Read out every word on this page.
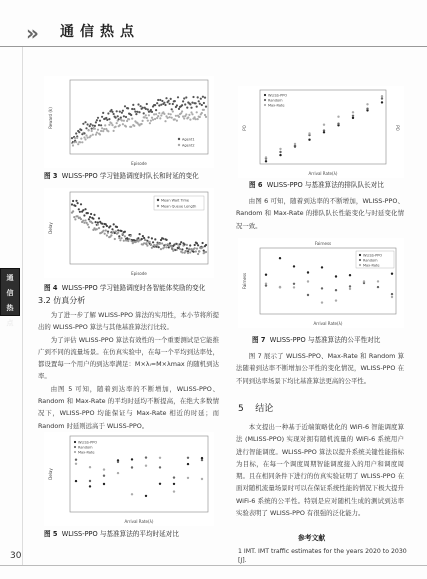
» 通信热点
通
信
热
点
Episode
Reward (k)
Agent1
Agent2
图 3 WLISS-PPO 学习链路调度时队长和时延的变化
Episode
Delay
Mean Wait Time
Mean Queue Length
图 4 WLISS-PPO 学习链路调度时各智能体奖励的变化
3.2 仿真分析

为了进一步了解 WLISS-PPO 算法的实用性，本小节将所提出的 WLISS-PPO 算法与其他基准算法行比较。

为了评估 WLISS-PPO 算法有效性的一个重要测试是它能推广到不同的流量场景。在仿真实验中，在每一个平均到达率处，都设置每一个用户的到达率满足：M×λᵢ=M×λmax 的随机到达率。

由图 5 可知，随着到达率的不断增加，WLISS-PPO、Random 和 Max-Rate 的平均时延均不断提高，在绝大多数情况下，WLISS-PPO 均能保证与 Max-Rate 相近的时延；而 Random 时延则远高于 WLISS-PPO。

Arrival Rate(λ)
Delay
WLISS-PPO
Random
Max-Rate
图 5 WLISS-PPO 与基准算法的平均时延对比
Arrival Rate(λ)
PO	PO
WLISS-PPO
Random
Max-Rate
图 6 WLISS-PPO 与基准算法的排队队长对比

由图 6 可知，随着到达率的不断增加，WLISS-PPO、Random 和 Max-Rate 的排队队长性能变化与时延变化情况一致。

Fairness
Arrival Rate(λ)
Fairness
WLISS-PPO
Random
Max-Rate
图 7 WLISS-PPO 与基准算法的公平性对比

图 7 展示了 WLISS-PPO、Max-Rate 和 Random 算法随着到达率不断增加公平性的变化情况，WLISS-PPO 在不同到达率场景下均比基准算法更高的公平性。

5 结论

本文提出一种基于近端策略优化的 WiFi-6 智能调度算法 (MLISS-PPO) 实现对拥有随机流量的 WiFi-6 系统用户进行智能调度。WLISS-PPO 算法以提升系统关键性能指标为目标，在每一个调度周期智能调度接入的用户和调度周期。且在相同条件下进行的仿真实验证明了 WLISS-PPO 在面对随机流量场景时可以在保证系统性能的情况下极大提升 WiFi-6 系统的公平性。特别是应对随机生成的测试到达率实验表明了 WLISS-PPO 有很强的泛化能力。

参考文献
1 IMT. IMT traffic estimates for the years 2020 to 2030 [J].
30
